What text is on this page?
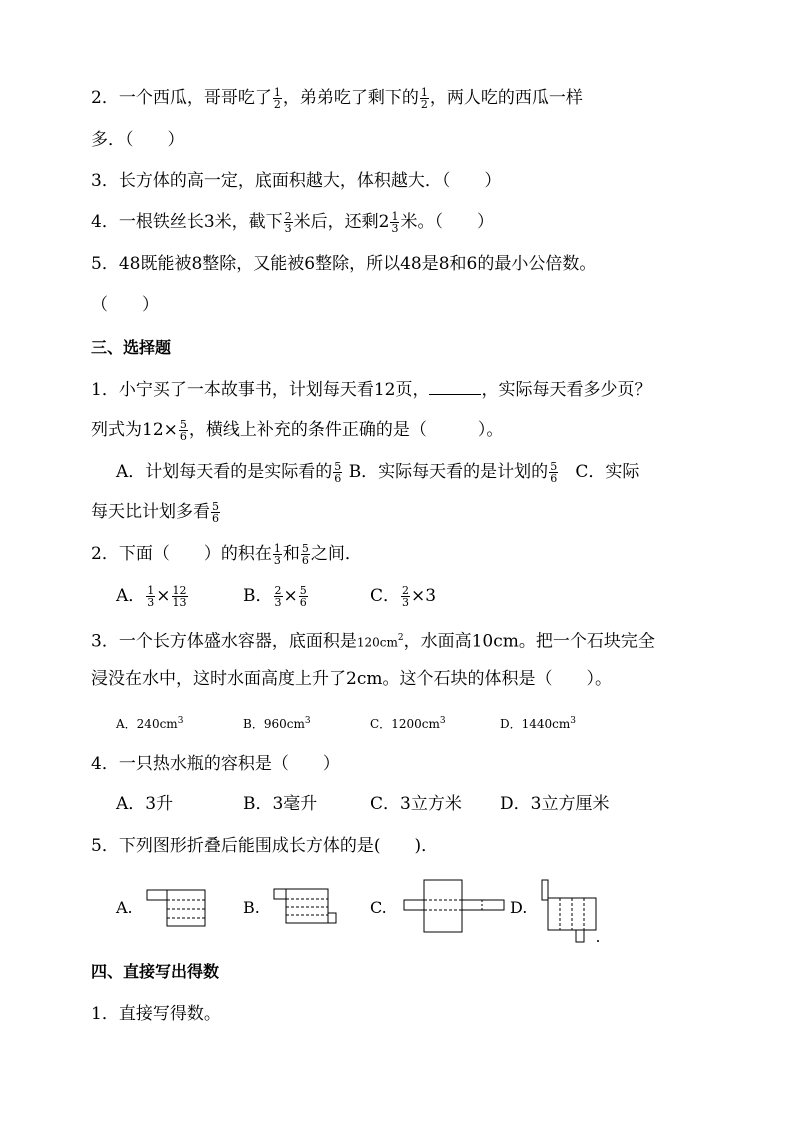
2．一个西瓜，哥哥吃了 $\frac{1}{2}$ ，弟弟吃了剩下的 $\frac{1}{2}$ ，两人吃的西瓜一样
多．（　　）
3．长方体的高一定，底面积越大，体积越大．（　　）
4．一根铁丝长3米，截下 $\frac{2}{3}$ 米后，还剩$2 \frac{1}{3}$ 米。（　　）
5．48既能被8整除，又能被6整除，所以48是8和6的最小公倍数。
（　　）
三、选择题
1．小宁买了一本故事书，计划每天看12页，	，实际每天看多少页？
列式为$12\times \frac{5}{6}$ ，横线上补充的条件正确的是（　　　）。
A．计划每天看的是实际看的 $\frac{5}{6}$ B．实际每天看的是计划的 $\frac{5}{6}$ C．实际
每天比计划多看 $\frac{5}{6}$
2．下面（　　）的积在 $\frac{1}{3}$ 和 $\frac{5}{6}$ 之间．
A． $\frac{1}{3} \times \frac{12}{13}$	B． $\frac{2}{3} \times \frac{5}{6}$	C． $\frac{2}{3} \times 3$
3．一个长方体盛水容器，底面积是$120cm^2$，水面高10cm。把一个石块完全
浸没在水中，这时水面高度上升了2cm。这个石块的体积是（　　）。
A．$240cm^3$	B．$960cm^3$	C．$1200cm^3$	D．$1440cm^3$
4．一只热水瓶的容积是（　　）
A．3升	B．3毫升	C．3立方米 D．3立方厘米
5．下列图形折叠后能围成长方体的是(　　)．
A.	B.	C.	D.
四、直接写出得数
1．直接写得数。
